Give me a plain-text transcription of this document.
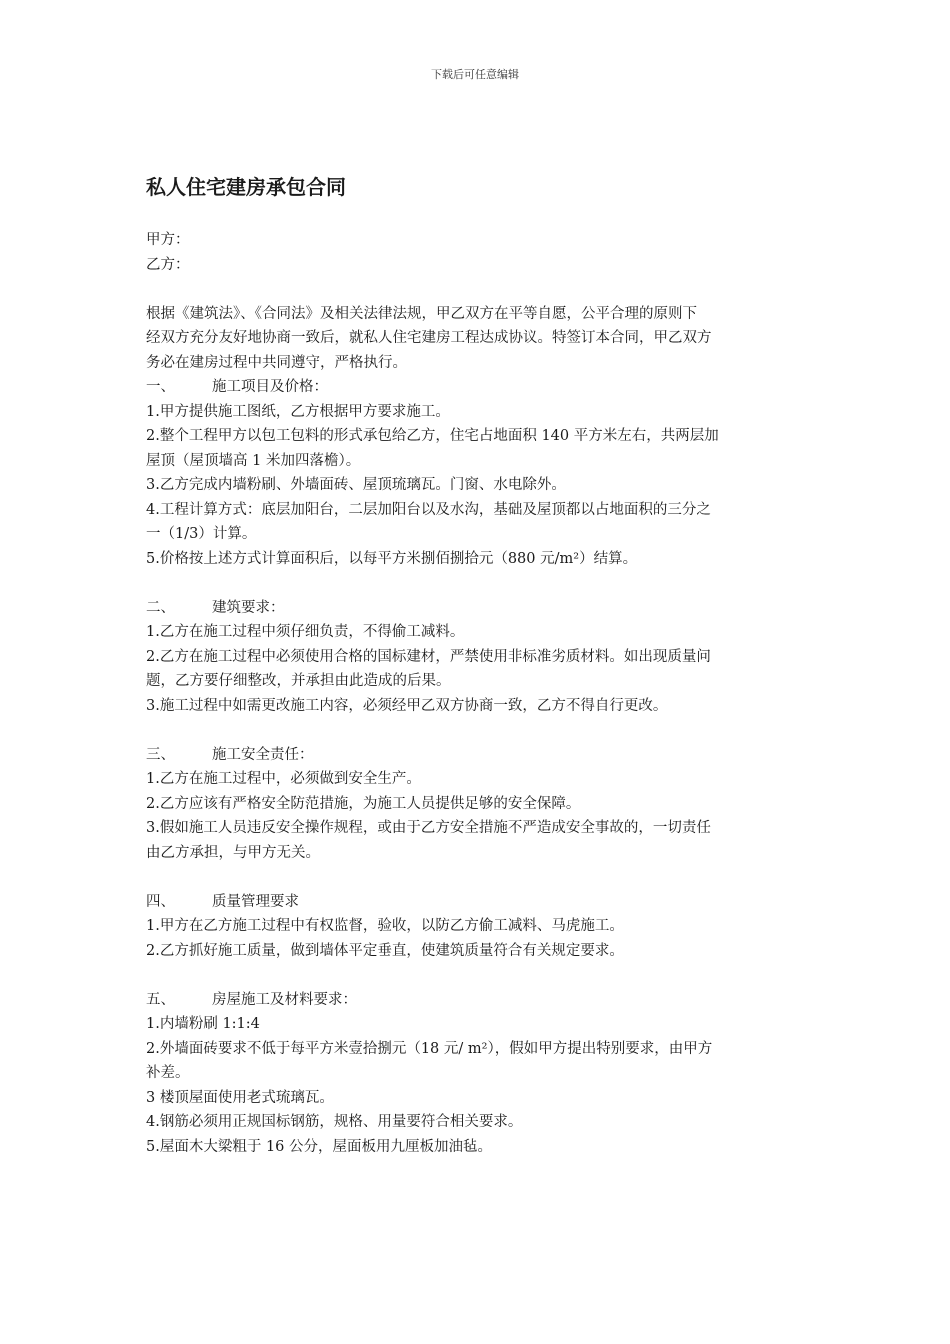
下载后可任意编辑
私人住宅建房承包合同

甲方：

乙方：

根据《建筑法》、《合同法》及相关法律法规，甲乙双方在平等自愿，公平合理的原则下

经双方充分友好地协商一致后，就私人住宅建房工程达成协议。特签订本合同，甲乙双方

务必在建房过程中共同遵守，严格执行。

一、	施工项目及价格：

1.甲方提供施工图纸，乙方根据甲方要求施工。

2.整个工程甲方以包工包料的形式承包给乙方，住宅占地面积 140 平方米左右，共两层加

屋顶（屋顶墙高 1 米加四落檐）。

3.乙方完成内墙粉刷、外墙面砖、屋顶琉璃瓦。门窗、水电除外。

4.工程计算方式：底层加阳台，二层加阳台以及水沟，基础及屋顶都以占地面积的三分之

一（1/3）计算。

5.价格按上述方式计算面积后，以每平方米捌佰捌拾元（880 元/m²）结算。

二、	建筑要求：

1.乙方在施工过程中须仔细负责，不得偷工减料。

2.乙方在施工过程中必须使用合格的国标建材，严禁使用非标准劣质材料。如出现质量问

题，乙方要仔细整改，并承担由此造成的后果。

3.施工过程中如需更改施工内容，必须经甲乙双方协商一致，乙方不得自行更改。

三、	施工安全责任：

1.乙方在施工过程中，必须做到安全生产。

2.乙方应该有严格安全防范措施，为施工人员提供足够的安全保障。

3.假如施工人员违反安全操作规程，或由于乙方安全措施不严造成安全事故的，一切责任

由乙方承担，与甲方无关。

四、	质量管理要求

1.甲方在乙方施工过程中有权监督，验收，以防乙方偷工减料、马虎施工。

2.乙方抓好施工质量，做到墙体平定垂直，使建筑质量符合有关规定要求。

五、	房屋施工及材料要求：

1.内墙粉刷 1:1:4

2.外墙面砖要求不低于每平方米壹拾捌元（18 元/ m²），假如甲方提出特别要求，由甲方

补差。

3 楼顶屋面使用老式琉璃瓦。

4.钢筋必须用正规国标钢筋，规格、用量要符合相关要求。

5.屋面木大梁粗于 16 公分，屋面板用九厘板加油毡。
